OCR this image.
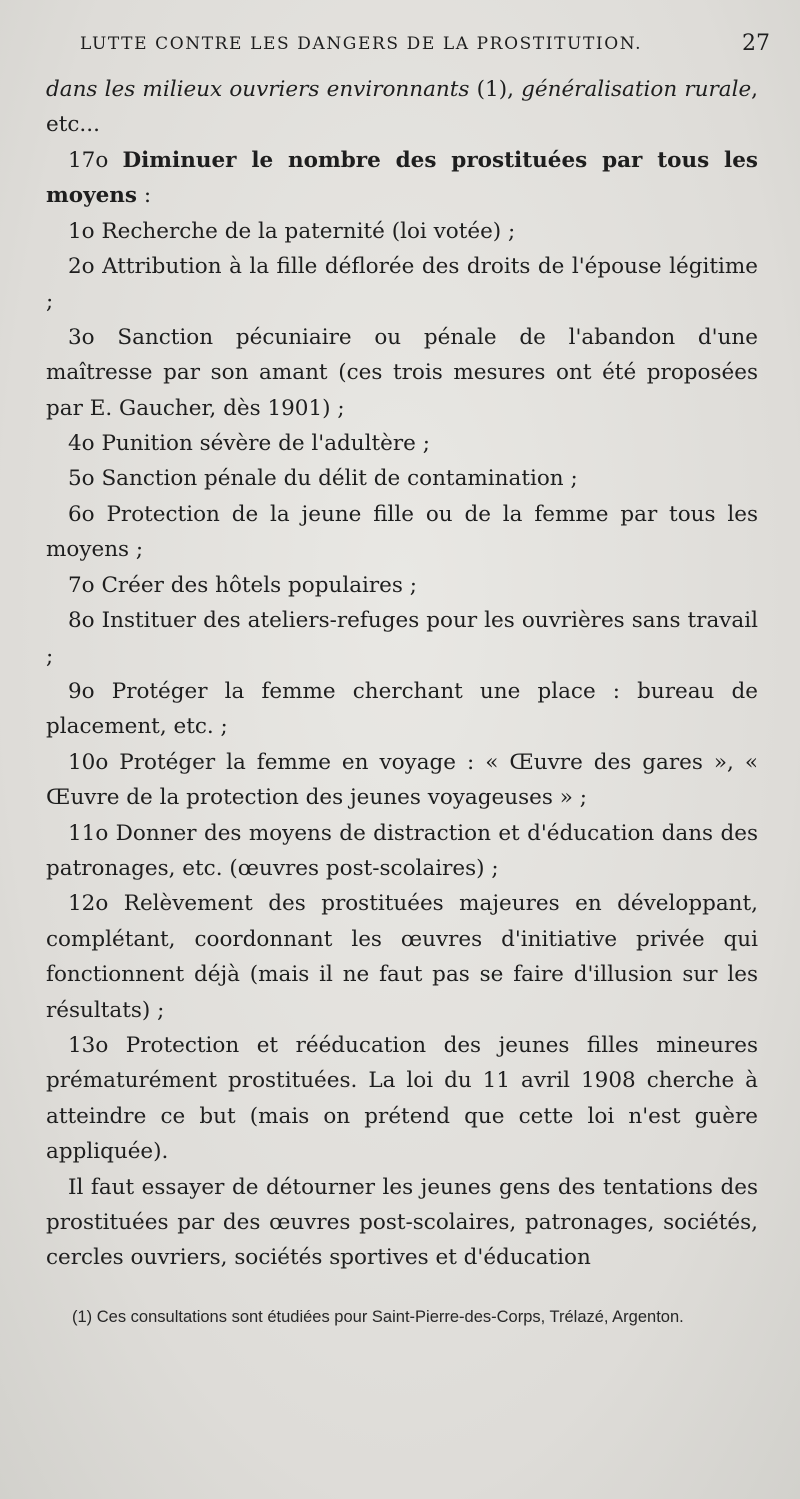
LUTTE CONTRE LES DANGERS DE LA PROSTITUTION.	27

dans les milieux ouvriers environnants (1), généralisation rurale, etc...

17o Diminuer le nombre des prostituées par tous les moyens :

1o Recherche de la paternité (loi votée) ;

2o Attribution à la fille déflorée des droits de l'épouse légitime ;

3o Sanction pécuniaire ou pénale de l'abandon d'une maîtresse par son amant (ces trois mesures ont été proposées par E. Gaucher, dès 1901) ;

4o Punition sévère de l'adultère ;

5o Sanction pénale du délit de contamination ;

6o Protection de la jeune fille ou de la femme par tous les moyens ;

7o Créer des hôtels populaires ;

8o Instituer des ateliers-refuges pour les ouvrières sans travail ;

9o Protéger la femme cherchant une place : bureau de placement, etc. ;

10o Protéger la femme en voyage : « Œuvre des gares », « Œuvre de la protection des jeunes voyageuses » ;

11o Donner des moyens de distraction et d'éducation dans des patronages, etc. (œuvres post-scolaires) ;

12o Relèvement des prostituées majeures en développant, complétant, coordonnant les œuvres d'initiative privée qui fonctionnent déjà (mais il ne faut pas se faire d'illusion sur les résultats) ;

13o Protection et rééducation des jeunes filles mineures prématurément prostituées. La loi du 11 avril 1908 cherche à atteindre ce but (mais on prétend que cette loi n'est guère appliquée).

Il faut essayer de détourner les jeunes gens des tentations des prostituées par des œuvres post-scolaires, patronages, sociétés, cercles ouvriers, sociétés sportives et d'éducation

(1) Ces consultations sont étudiées pour Saint-Pierre-des-Corps, Trélazé, Argenton.
